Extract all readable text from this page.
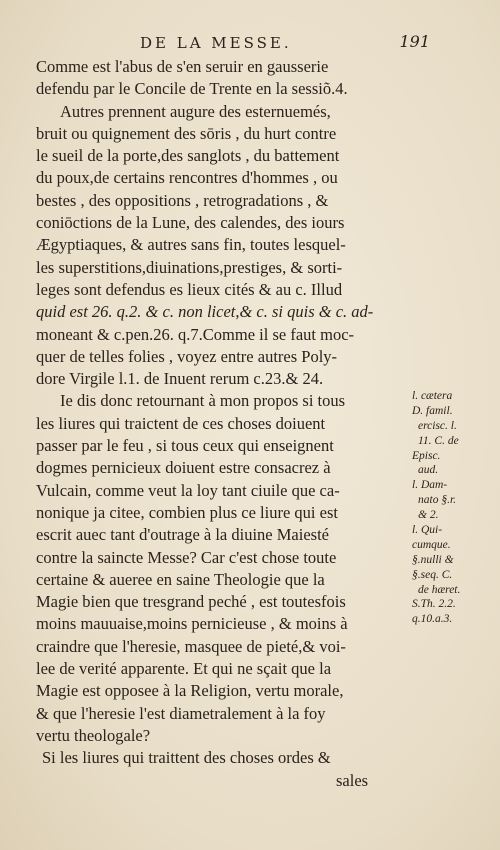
DE LA MESSE.	191
Comme est l'abus de s'en seruir en gausserie
defendu par le Concile de Trente en la sessiõ.4.
Autres prennent augure des esternuemés,
bruit ou quignement des sōris , du hurt contre
le sueil de la porte,des sanglots , du battement
du poux,de certains rencontres d'hommes , ou
bestes , des oppositions , retrogradations , &
coniōctions de la Lune, des calendes, des iours
Ægyptiaques, & autres sans fin, toutes lesquel-
les superstitions,diuinations,prestiges, & sorti-
leges sont defendus es lieux cités & au c. Illud
quid est 26. q.2. & c. non licet,& c. si quis & c. ad-
moneant & c.pen.26. q.7.Comme il se faut moc-
quer de telles folies , voyez entre autres Poly-
dore Virgile l.1. de Inuent rerum c.23.& 24.
Ie dis donc retournant à mon propos si tous
les liures qui traictent de ces choses doiuent
passer par le feu , si tous ceux qui enseignent
dogmes pernicieux doiuent estre consacrez à
Vulcain, comme veut la loy tant ciuile que ca-
nonique ja citee, combien plus ce liure qui est
escrit auec tant d'outrage à la diuine Maiesté
contre la saincte Messe? Car c'est chose toute
certaine & aueree en saine Theologie que la
Magie bien que tresgrand peché , est toutesfois
moins mauuaise,moins pernicieuse , & moins à
craindre que l'heresie, masquee de pieté,& voi-
lee de verité apparente. Et qui ne sçait que la
Magie est opposee à la Religion, vertu morale,
& que l'heresie l'est diametralement à la foy
vertu theologale?
Si les liures qui traittent des choses ordes &
sales
l. cætera
D. famil.
ercisc. l.
11. C. de
Episc.
aud.
l. Dam-
nato §.r.
& 2.
l. Qui-
cumque.
§.nulli &
§.seq. C.
de hæret.
S.Th. 2.2.
q.10.a.3.
